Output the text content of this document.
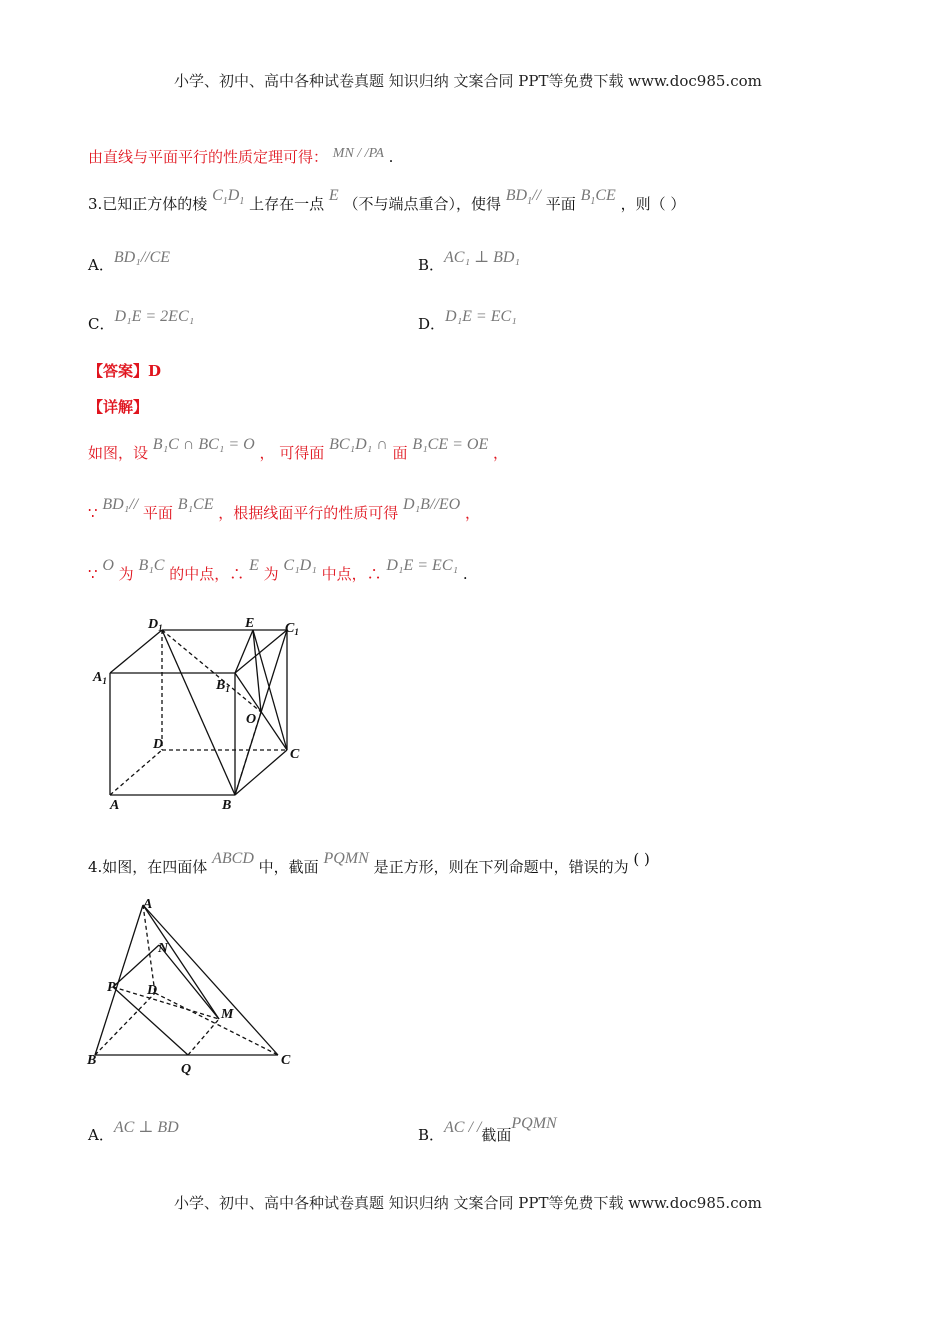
小学、初中、高中各种试卷真题 知识归纳 文案合同 PPT等免费下载 www.doc985.com
由直线与平面平行的性质定理可得： MN / /PA .
3.已知正方体的棱 $C_1D_1$ 上存在一点 E （不与端点重合），使得 $BD_1//$ 平面 $B_1CE$ ，则（ ）
A．BD₁//CE	B．AC₁ ⊥ BD₁
C．D₁E = 2EC₁	D．D₁E = EC₁
【答案】D
【详解】
如图，设 B₁C ∩ BC₁ = O ， 可得面 BC₁D₁ ∩ 面 B₁CE = OE ，
∵ BD₁// 平面 B₁CE ，根据线面平行的性质可得 D₁B//EO ，
∵ O 为 B₁C 的中点，∴ E 为 C₁D₁ 中点，∴ D₁E = EC₁ .
$D_1$	E $C_1$
$A_1$	$B_1$
O
D
C
A	B
4.如图，在四面体 ABCD 中，截面 PQMN 是正方形，则在下列命题中，错误的为 ( )
A
N
P D
M
B
Q
C
A．AC ⊥ BD	B．AC / /截面PQMN
小学、初中、高中各种试卷真题 知识归纳 文案合同 PPT等免费下载 www.doc985.com
